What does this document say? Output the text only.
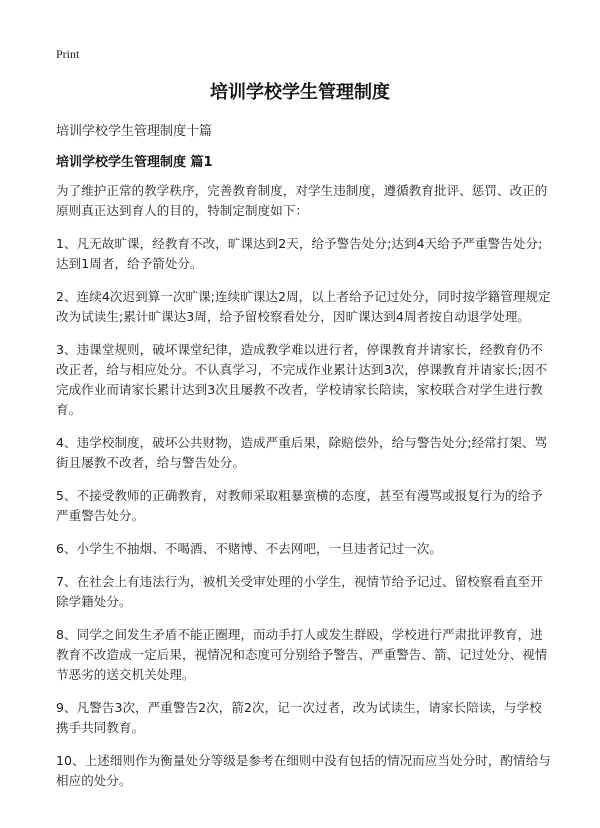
Print
培训学校学生管理制度
培训学校学生管理制度十篇
培训学校学生管理制度 篇1

为了维护正常的教学秩序，完善教育制度，对学生违制度，遵循教育批评、惩罚、改正的原则真正达到育人的目的，特制定制度如下：

1、凡无故旷课，经教育不改，旷课达到2天，给予警告处分;达到4天给予严重警告处分;达到1周者，给予箭处分。

2、连续4次迟到算一次旷课;连续旷课达2周，以上者给予记过处分，同时按学籍管理规定改为试读生;累计旷课达3周，给予留校察看处分，因旷课达到4周者按自动退学处理。

3、违课堂规则，破坏课堂纪律，造成教学难以进行者，停课教育并请家长，经教育仍不改正者，给与相应处分。不认真学习，不完成作业累计达到3次，停课教育并请家长;因不完成作业而请家长累计达到3次且屡教不改者，学校请家长陪读，家校联合对学生进行教育。

4、违学校制度，破坏公共财物，造成严重后果，除赔偿外，给与警告处分;经常打架、骂街且屡教不改者，给与警告处分。

5、不接受教师的正确教育，对教师采取粗暴蛮横的态度，甚至有漫骂或报复行为的给予严重警告处分。

6、小学生不抽烟、不喝酒、不赌博、不去网吧，一旦违者记过一次。

7、在社会上有违法行为，被机关受审处理的小学生，视情节给予记过、留校察看直至开除学籍处分。

8、同学之间发生矛盾不能正圈理，而动手打人或发生群殴，学校进行严肃批评教育，进教育不改造成一定后果，视情况和态度可分别给予警告、严重警告、箭、记过处分、视情节恶劣的送交机关处理。

9、凡警告3次，严重警告2次，箭2次，记一次过者，改为试读生，请家长陪读，与学校携手共同教育。

10、上述细则作为衡量处分等级是参考在细则中没有包括的情况而应当处分时，酌情给与相应的处分。
